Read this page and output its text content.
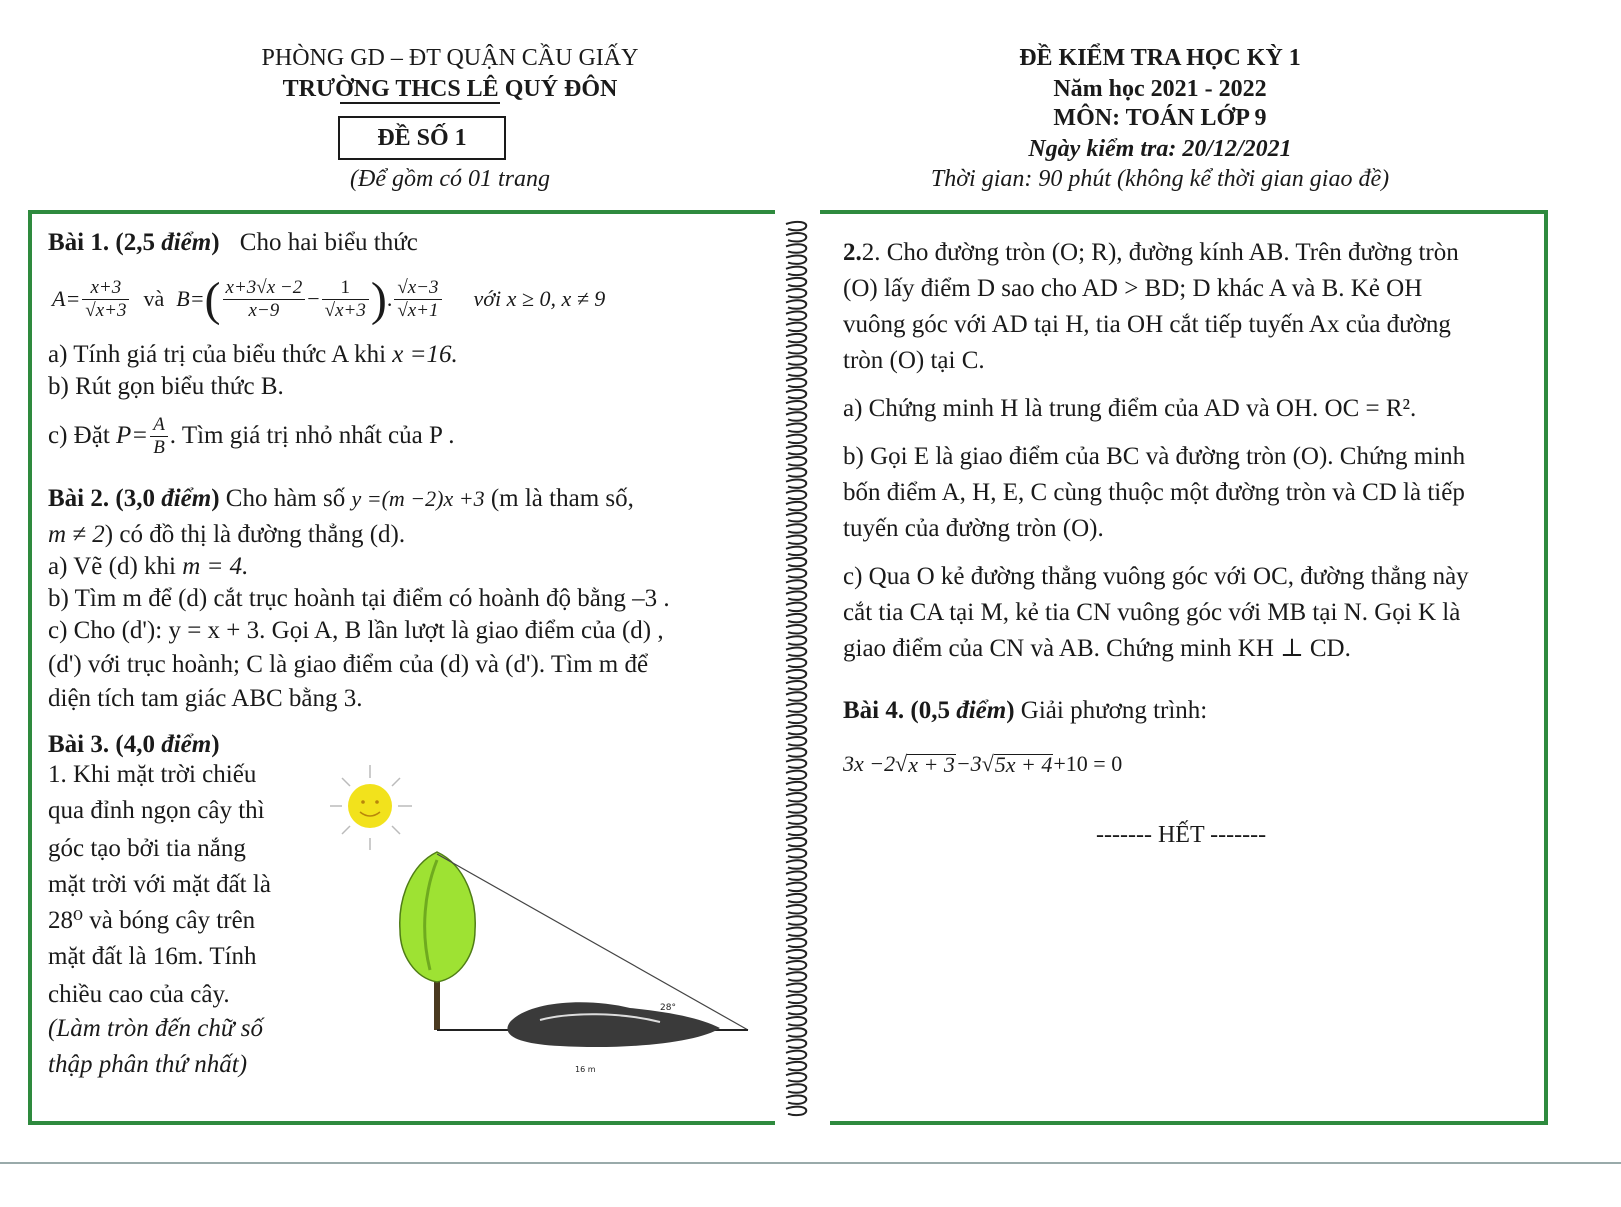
PHÒNG GD – ĐT QUẬN CẦU GIẤY
TRƯỜNG THCS LÊ QUÝ ĐÔN
ĐỀ SỐ 1
(Để gồm có 01 trang
ĐỀ KIỂM TRA HỌC KỲ 1
Năm học 2021 - 2022
MÔN: TOÁN LỚP 9
Ngày kiểm tra: 20/12/2021
Thời gian: 90 phút (không kể thời gian giao đề)
Bài 1. (2,5 điểm) Cho hai biểu thức
$A= \frac{x+3}{√x+3}$ và B= ( $\frac{x+3√x -2}{x-9} - \frac{1}{√x+3}$ ) . $\frac{√x-3}{√x+1}$ với x ≥ 0, x ≠ 9
a) Tính giá trị của biểu thức A khi x =16.
b) Rút gọn biểu thức B.
c) Đặt
$P= \frac{A}{B}$ . Tìm giá trị nhỏ nhất của P .
Bài 2. (3,0 điểm) Cho hàm số y =(m −2)x +3 (m là tham số,
m ≠ 2) có đồ thị là đường thẳng (d).
a) Vẽ (d) khi m = 4.
b) Tìm m để (d) cắt trục hoành tại điểm có hoành độ bằng –3 .
c) Cho (d'): y = x + 3. Gọi A, B lần lượt là giao điểm của (d) ,
(d') với trục hoành; C là giao điểm của (d) và (d'). Tìm m để
diện tích tam giác ABC bằng 3.
Bài 3. (4,0 điểm)
1. Khi mặt trời chiếu
qua đỉnh ngọn cây thì
góc tạo bởi tia nắng
mặt trời với mặt đất là
28⁰ và bóng cây trên
mặt đất là 16m. Tính
chiều cao của cây.
(Làm tròn đến chữ số
thập phân thứ nhất)
28°
16 m
2.2. Cho đường tròn (O; R), đường kính AB. Trên đường tròn
(O) lấy điểm D sao cho AD > BD; D khác A và B. Kẻ OH
vuông góc với AD tại H, tia OH cắt tiếp tuyến Ax của đường
tròn (O) tại C.
a) Chứng minh H là trung điểm của AD và OH. OC = R².
b) Gọi E là giao điểm của BC và đường tròn (O). Chứng minh
bốn điểm A, H, E, C cùng thuộc một đường tròn và CD là tiếp
tuyến của đường tròn (O).
c) Qua O kẻ đường thẳng vuông góc với OC, đường thẳng này
cắt tia CA tại M, kẻ tia CN vuông góc với MB tại N. Gọi K là
giao điểm của CN và AB. Chứng minh KH ⊥ CD.
Bài 4. (0,5 điểm) Giải phương trình:
3x −2 √ x + 3 −3 √ 5x + 4 +10 = 0
------- HẾT -------
